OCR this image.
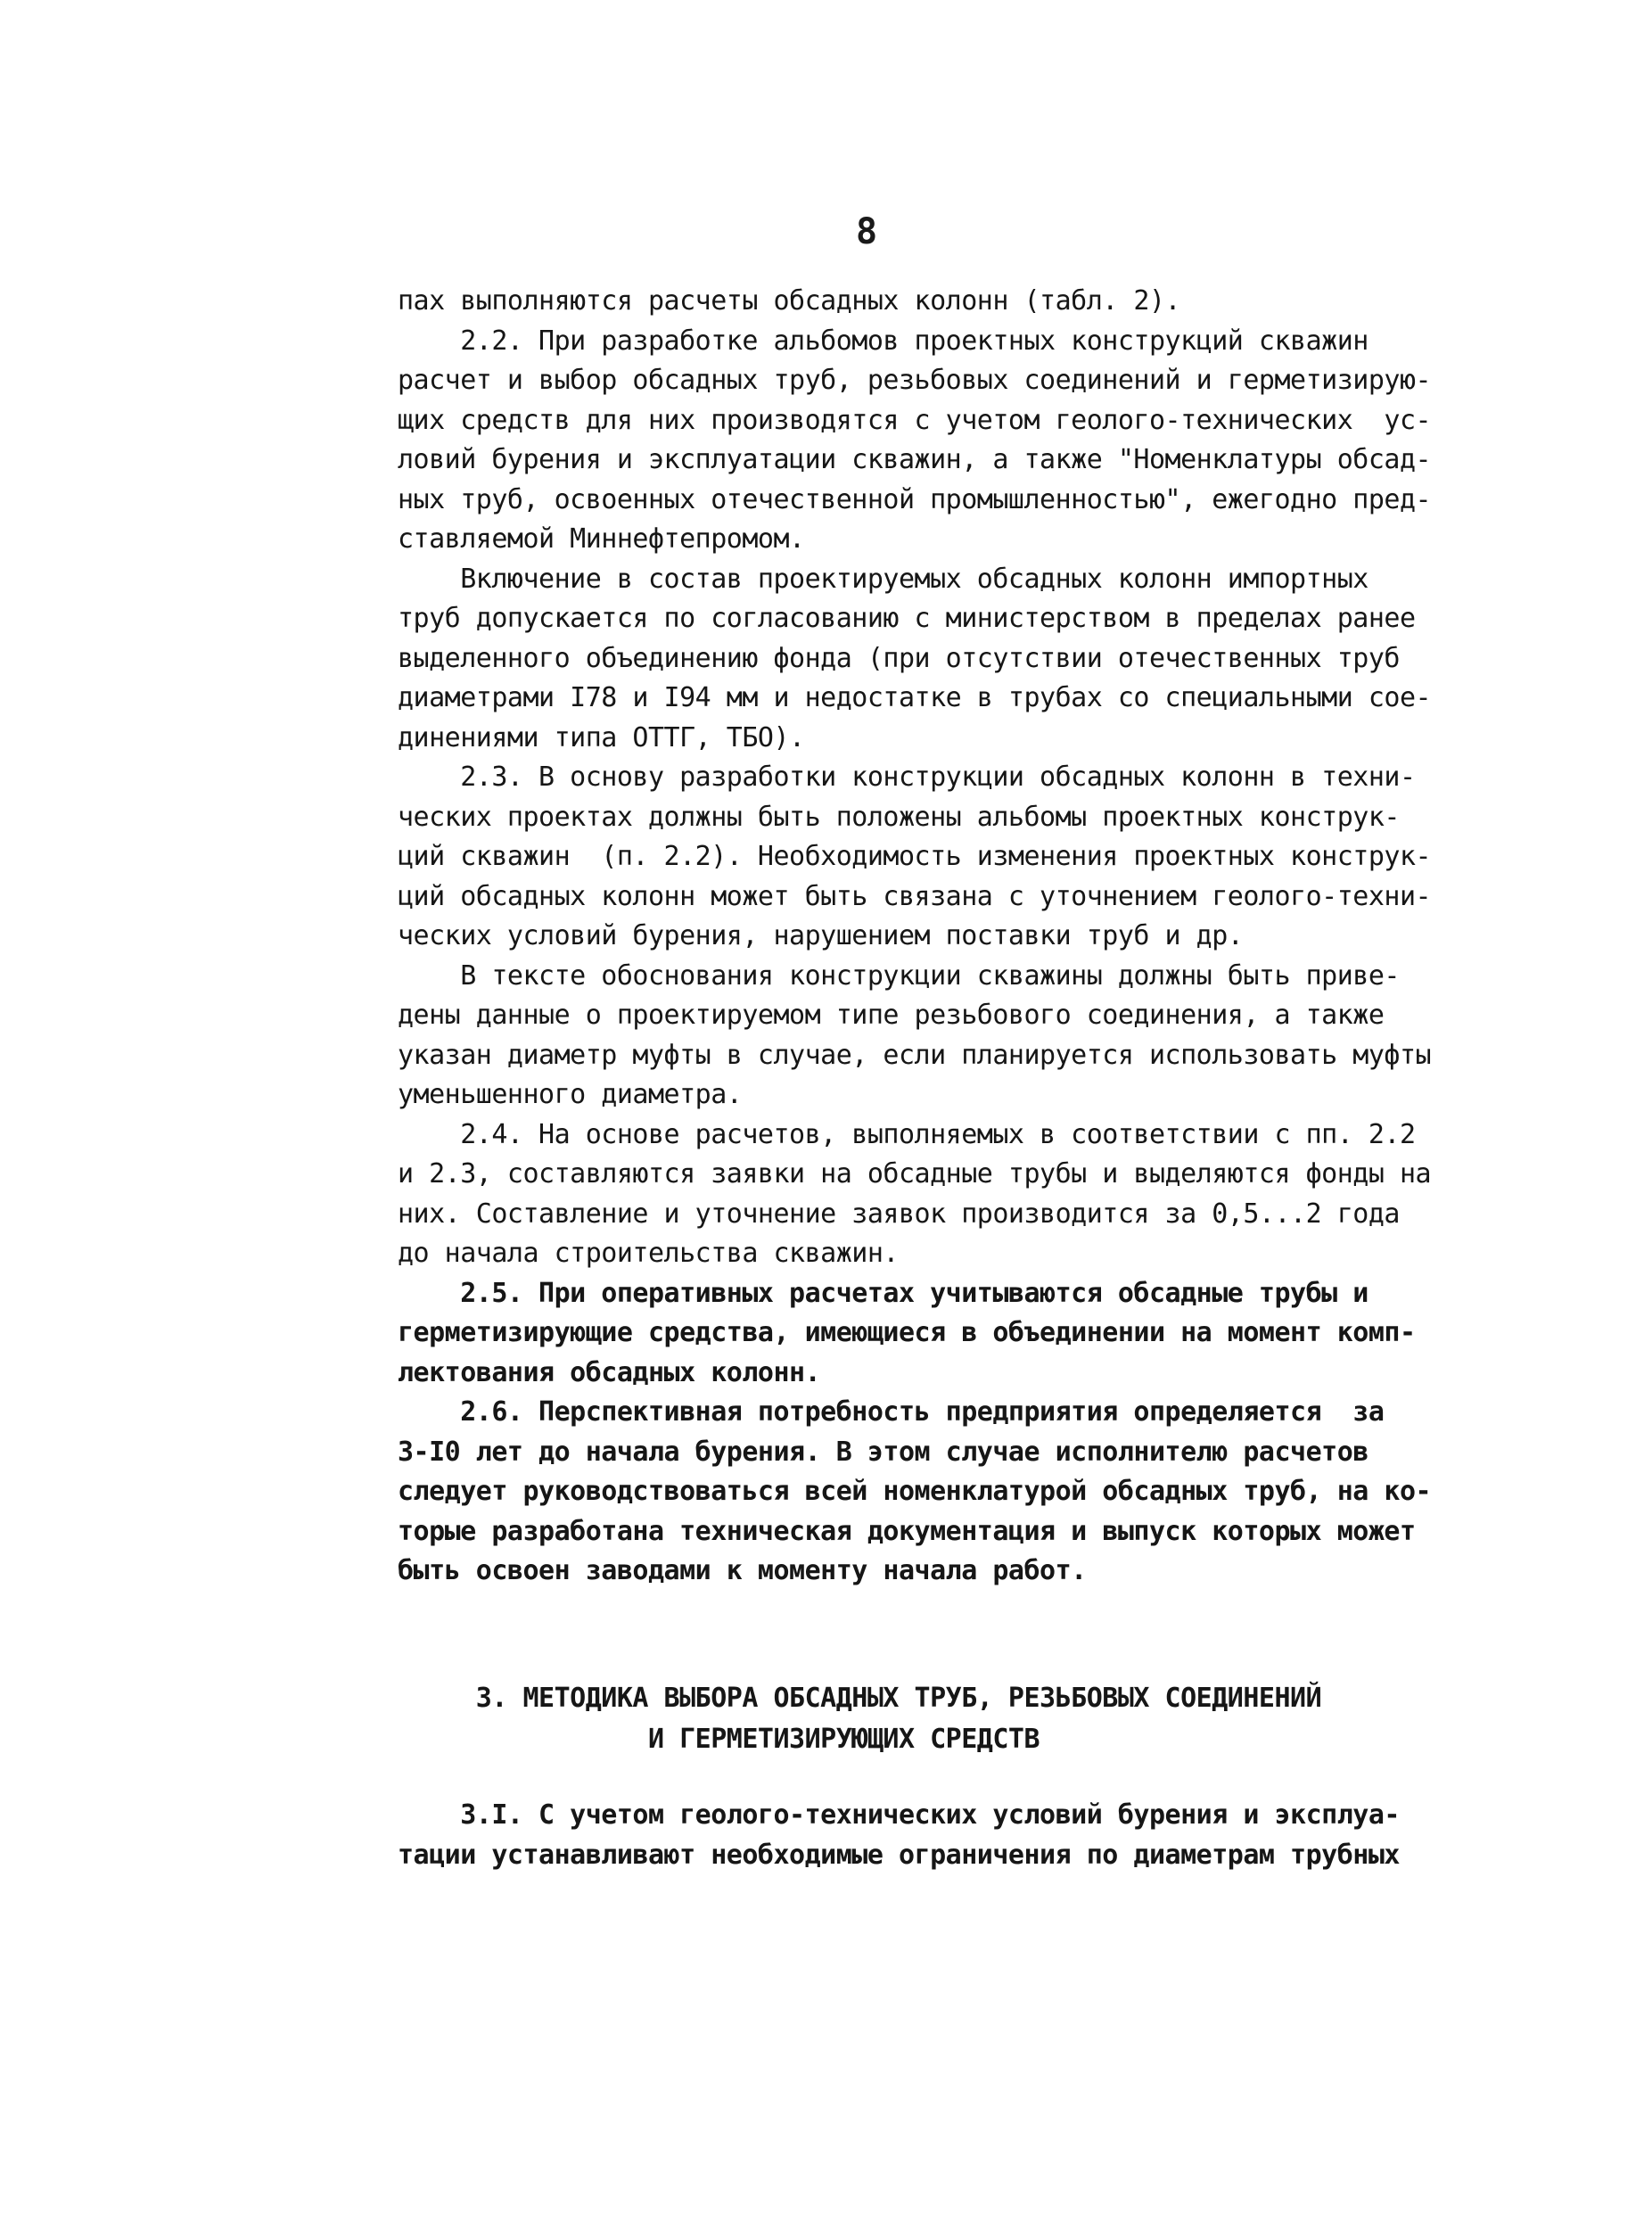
8
пах выполняются расчеты обсадных колонн (табл. 2).
2.2. При разработке альбомов проектных конструкций скважин
расчет и выбор обсадных труб, резьбовых соединений и герметизирую-
щих средств для них производятся с учетом геолого-технических  ус-
ловий бурения и эксплуатации скважин, а также "Номенклатуры обсад-
ных труб, освоенных отечественной промышленностью", ежегодно пред-
ставляемой Миннефтепромом.
Включение в состав проектируемых обсадных колонн импортных
труб допускается по согласованию с министерством в пределах ранее
выделенного объединению фонда (при отсутствии отечественных труб
диаметрами I78 и I94 мм и недостатке в трубах со специальными сое-
динениями типа ОТТГ, ТБО).
2.3. В основу разработки конструкции обсадных колонн в техни-
ческих проектах должны быть положены альбомы проектных конструк-
ций скважин  (п. 2.2). Необходимость изменения проектных конструк-
ций обсадных колонн может быть связана с уточнением геолого-техни-
ческих условий бурения, нарушением поставки труб и др.
В тексте обоснования конструкции скважины должны быть приве-
дены данные о проектируемом типе резьбового соединения, а также
указан диаметр муфты в случае, если планируется использовать муфты
уменьшенного диаметра.
2.4. На основе расчетов, выполняемых в соответствии с пп. 2.2
и 2.3, составляются заявки на обсадные трубы и выделяются фонды на
них. Составление и уточнение заявок производится за 0,5...2 года
до начала строительства скважин.
2.5. При оперативных расчетах учитываются обсадные трубы и
герметизирующие средства, имеющиеся в объединении на момент комп-
лектования обсадных колонн.
2.6. Перспективная потребность предприятия определяется  за
3-I0 лет до начала бурения. В этом случае исполнителю расчетов
следует руководствоваться всей номенклатурой обсадных труб, на ко-
торые разработана техническая документация и выпуск которых может
быть освоен заводами к моменту начала работ.
3. МЕТОДИКА ВЫБОРА ОБСАДНЫХ ТРУБ, РЕЗЬБОВЫХ СОЕДИНЕНИЙ
И ГЕРМЕТИЗИРУЮЩИХ СРЕДСТВ
3.I. С учетом геолого-технических условий бурения и эксплуа-
тации устанавливают необходимые ограничения по диаметрам трубных
